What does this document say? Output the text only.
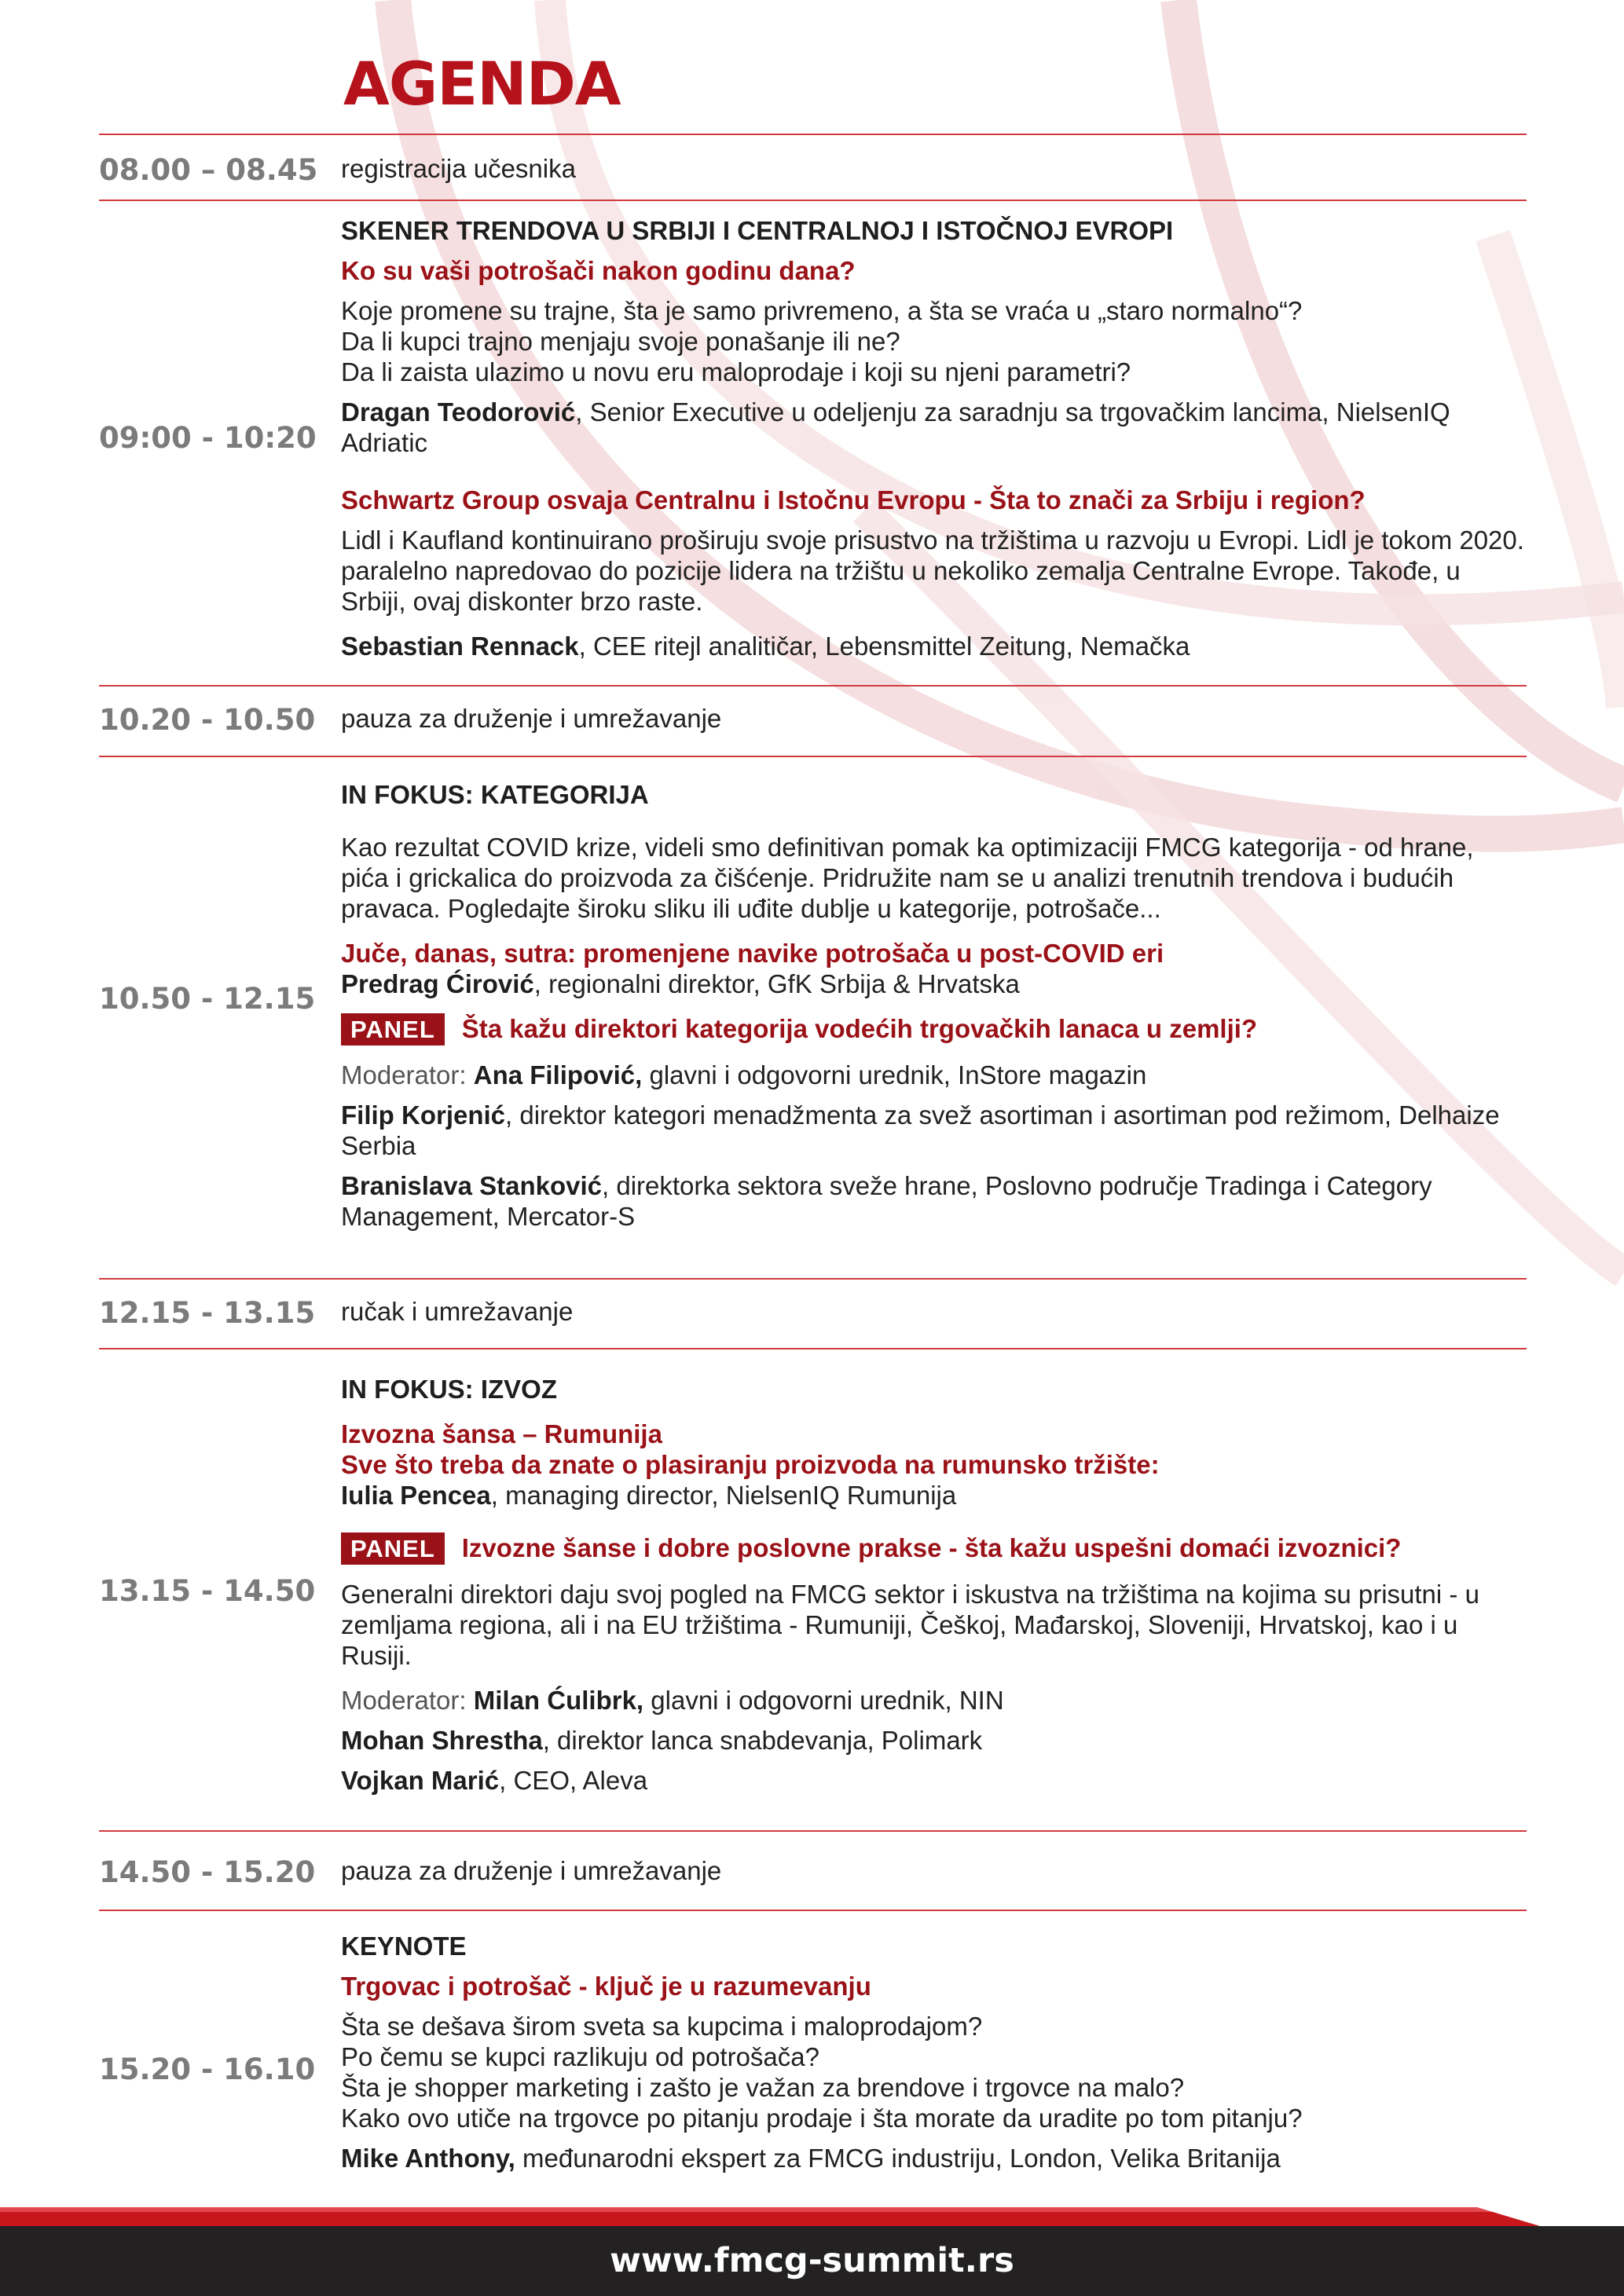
AGENDA

08.00 – 08.45 registracija učesnika

09:00 - 10:20

SKENER TRENDOVA U SRBIJI I CENTRALNOJ I ISTOČNOJ EVROPI

Ko su vaši potrošači nakon godinu dana?

Koje promene su trajne, šta je samo privremeno, a šta se vraća u „staro normalno“?

Da li kupci trajno menjaju svoje ponašanje ili ne?

Da li zaista ulazimo u novu eru maloprodaje i koji su njeni parametri?

Dragan Teodorović, Senior Executive u odeljenju za saradnju sa trgovačkim lancima, NielsenIQ Adriatic

Schwartz Group osvaja Centralnu i Istočnu Evropu - Šta to znači za Srbiju i region?

Lidl i Kaufland kontinuirano proširuju svoje prisustvo na tržištima u razvoju u Evropi. Lidl je tokom 2020. paralelno napredovao do pozicije lidera na tržištu u nekoliko zemalja Centralne Evrope. Takođe, u Srbiji, ovaj diskonter brzo raste.

Sebastian Rennack, CEE ritejl analitičar, Lebensmittel Zeitung, Nemačka

10.20 - 10.50 pauza za druženje i umrežavanje

10.50 - 12.15

IN FOKUS: KATEGORIJA

Kao rezultat COVID krize, videli smo definitivan pomak ka optimizaciji FMCG kategorija - od hrane, pića i grickalica do proizvoda za čišćenje. Pridružite nam se u analizi trenutnih trendova i budućih pravaca. Pogledajte široku sliku ili uđite dublje u kategorije, potrošače...

Juče, danas, sutra: promenjene navike potrošača u post-COVID eri

Predrag Ćirović, regionalni direktor, GfK Srbija & Hrvatska

PANEL Šta kažu direktori kategorija vodećih trgovačkih lanaca u zemlji?

Moderator: Ana Filipović, glavni i odgovorni urednik, InStore magazin

Filip Korjenić, direktor kategori menadžmenta za svež asortiman i asortiman pod režimom, Delhaize Serbia

Branislava Stanković, direktorka sektora sveže hrane, Poslovno područje Tradinga i Category Management, Mercator-S

12.15 - 13.15 ručak i umrežavanje

13.15 - 14.50

IN FOKUS: IZVOZ

Izvozna šansa – Rumunija

Sve što treba da znate o plasiranju proizvoda na rumunsko tržište:

Iulia Pencea, managing director, NielsenIQ Rumunija

PANEL Izvozne šanse i dobre poslovne prakse - šta kažu uspešni domaći izvoznici?

Generalni direktori daju svoj pogled na FMCG sektor i iskustva na tržištima na kojima su prisutni - u zemljama regiona, ali i na EU tržištima - Rumuniji, Češkoj, Mađarskoj, Sloveniji, Hrvatskoj, kao i u Rusiji.

Moderator: Milan Ćulibrk, glavni i odgovorni urednik, NIN

Mohan Shrestha, direktor lanca snabdevanja, Polimark

Vojkan Marić, CEO, Aleva

14.50 - 15.20 pauza za druženje i umrežavanje

15.20 - 16.10

KEYNOTE

Trgovac i potrošač - ključ je u razumevanju

Šta se dešava širom sveta sa kupcima i maloprodajom?

Po čemu se kupci razlikuju od potrošača?

Šta je shopper marketing i zašto je važan za brendove i trgovce na malo?

Kako ovo utiče na trgovce po pitanju prodaje i šta morate da uradite po tom pitanju?

Mike Anthony, međunarodni ekspert za FMCG industriju, London, Velika Britanija

www.fmcg-summit.rs
